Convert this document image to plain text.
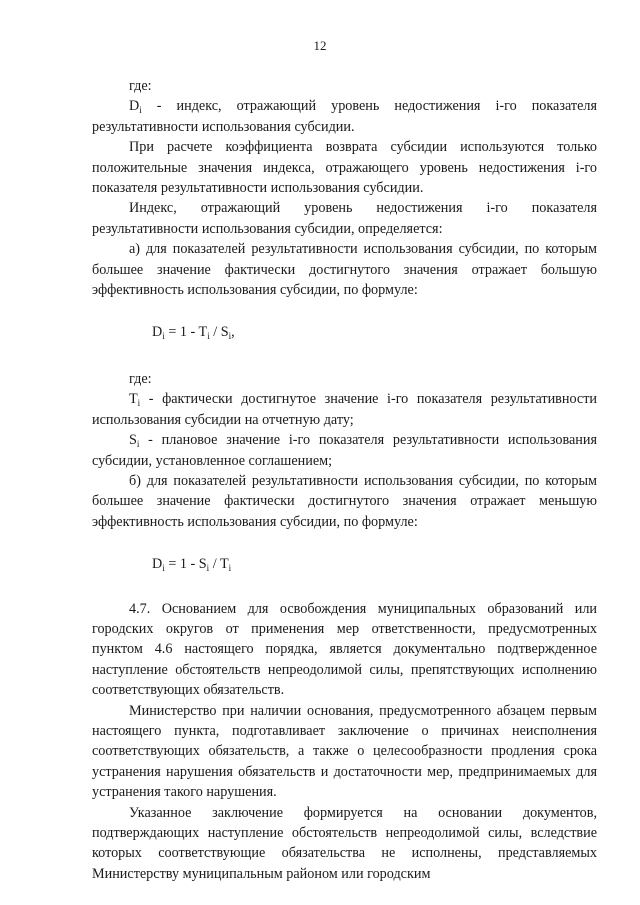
12

где:

$D_i$ - индекс, отражающий уровень недостижения i-го показателя результативности использования субсидии.

При расчете коэффициента возврата субсидии используются только положительные значения индекса, отражающего уровень недостижения i-го показателя результативности использования субсидии.

Индекс, отражающий уровень недостижения i-го показателя результативности использования субсидии, определяется:

а) для показателей результативности использования субсидии, по которым большее значение фактически достигнутого значения отражает большую эффективность использования субсидии, по формуле:

$D_i = 1 - T_i / S_i$,

где:

$T_i$ - фактически достигнутое значение i-го показателя результативности использования субсидии на отчетную дату;

$S_i$ - плановое значение i-го показателя результативности использования субсидии, установленное соглашением;

б) для показателей результативности использования субсидии, по которым большее значение фактически достигнутого значения отражает меньшую эффективность использования субсидии, по формуле:

$D_i = 1 - S_i / T_i$

4.7. Основанием для освобождения муниципальных образований или городских округов от применения мер ответственности, предусмотренных пунктом 4.6 настоящего порядка, является документально подтвержденное наступление обстоятельств непреодолимой силы, препятствующих исполнению соответствующих обязательств.

Министерство при наличии основания, предусмотренного абзацем первым настоящего пункта, подготавливает заключение о причинах неисполнения соответствующих обязательств, а также о целесообразности продления срока устранения нарушения обязательств и достаточности мер, предпринимаемых для устранения такого нарушения.

Указанное заключение формируется на основании документов, подтверждающих наступление обстоятельств непреодолимой силы, вследствие которых соответствующие обязательства не исполнены, представляемых Министерству муниципальным районом или городским
